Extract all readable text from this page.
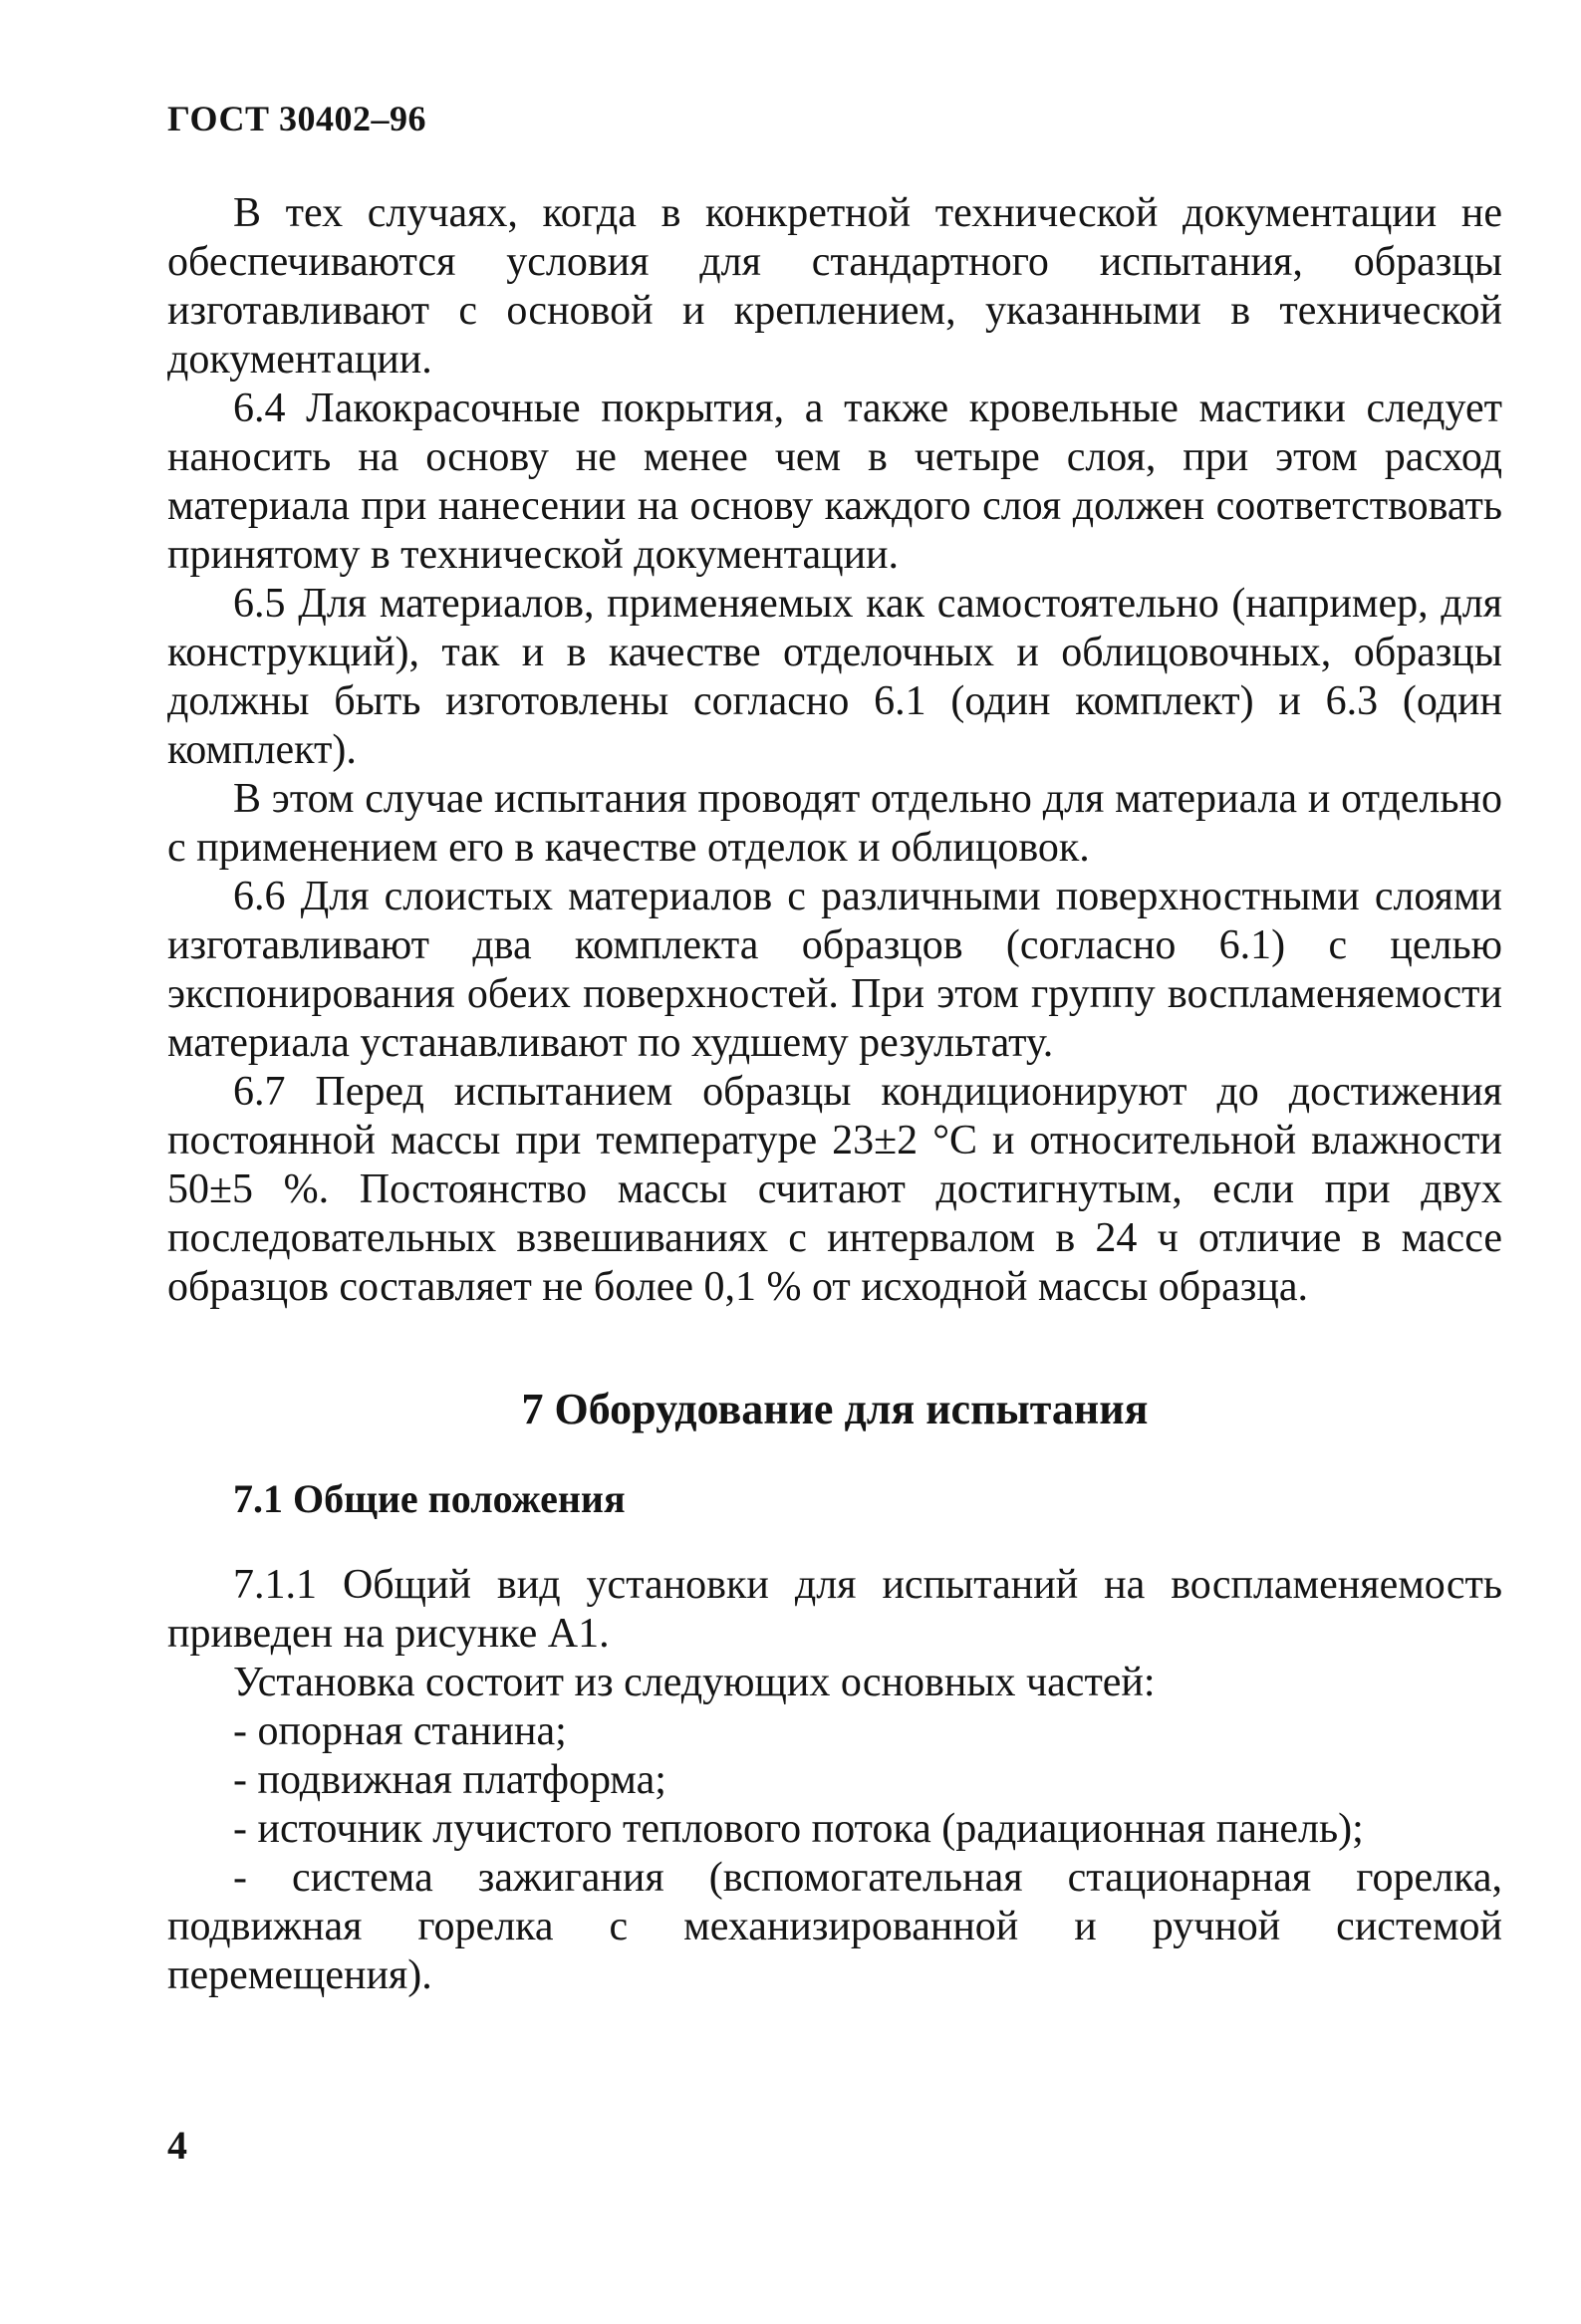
ГОСТ 30402–96

В тех случаях, когда в конкретной технической документации не обеспечиваются условия для стандартного испытания, образцы изготавливают с основой и креплением, указанными в технической документации.

6.4 Лакокрасочные покрытия, а также кровельные мастики следует наносить на основу не менее чем в четыре слоя, при этом расход материала при нанесении на основу каждого слоя должен соответствовать принятому в технической документации.

6.5 Для материалов, применяемых как самостоятельно (например, для конструкций), так и в качестве отделочных и облицовочных, образцы должны быть изготовлены согласно 6.1 (один комплект) и 6.3 (один комплект).

В этом случае испытания проводят отдельно для материала и отдельно с применением его в качестве отделок и облицовок.

6.6 Для слоистых материалов с различными поверхностными слоями изготавливают два комплекта образцов (согласно 6.1) с целью экспонирования обеих поверхностей. При этом группу воспламеняемости материала устанавливают по худшему результату.

6.7 Перед испытанием образцы кондиционируют до достижения постоянной массы при температуре 23±2 °С и относительной влажности 50±5 %. Постоянство массы считают достигнутым, если при двух последовательных взвешиваниях с интервалом в 24 ч отличие в массе образцов составляет не более 0,1 % от исходной массы образца.

7 Оборудование для испытания
7.1 Общие положения

7.1.1 Общий вид установки для испытаний на воспламеняемость приведен на рисунке А1.

Установка состоит из следующих основных частей:

- опорная станина;
- подвижная платформа;
- источник лучистого теплового потока (радиационная панель);
- система зажигания (вспомогательная стационарная горелка, подвижная горелка с механизированной и ручной системой перемещения).
4
